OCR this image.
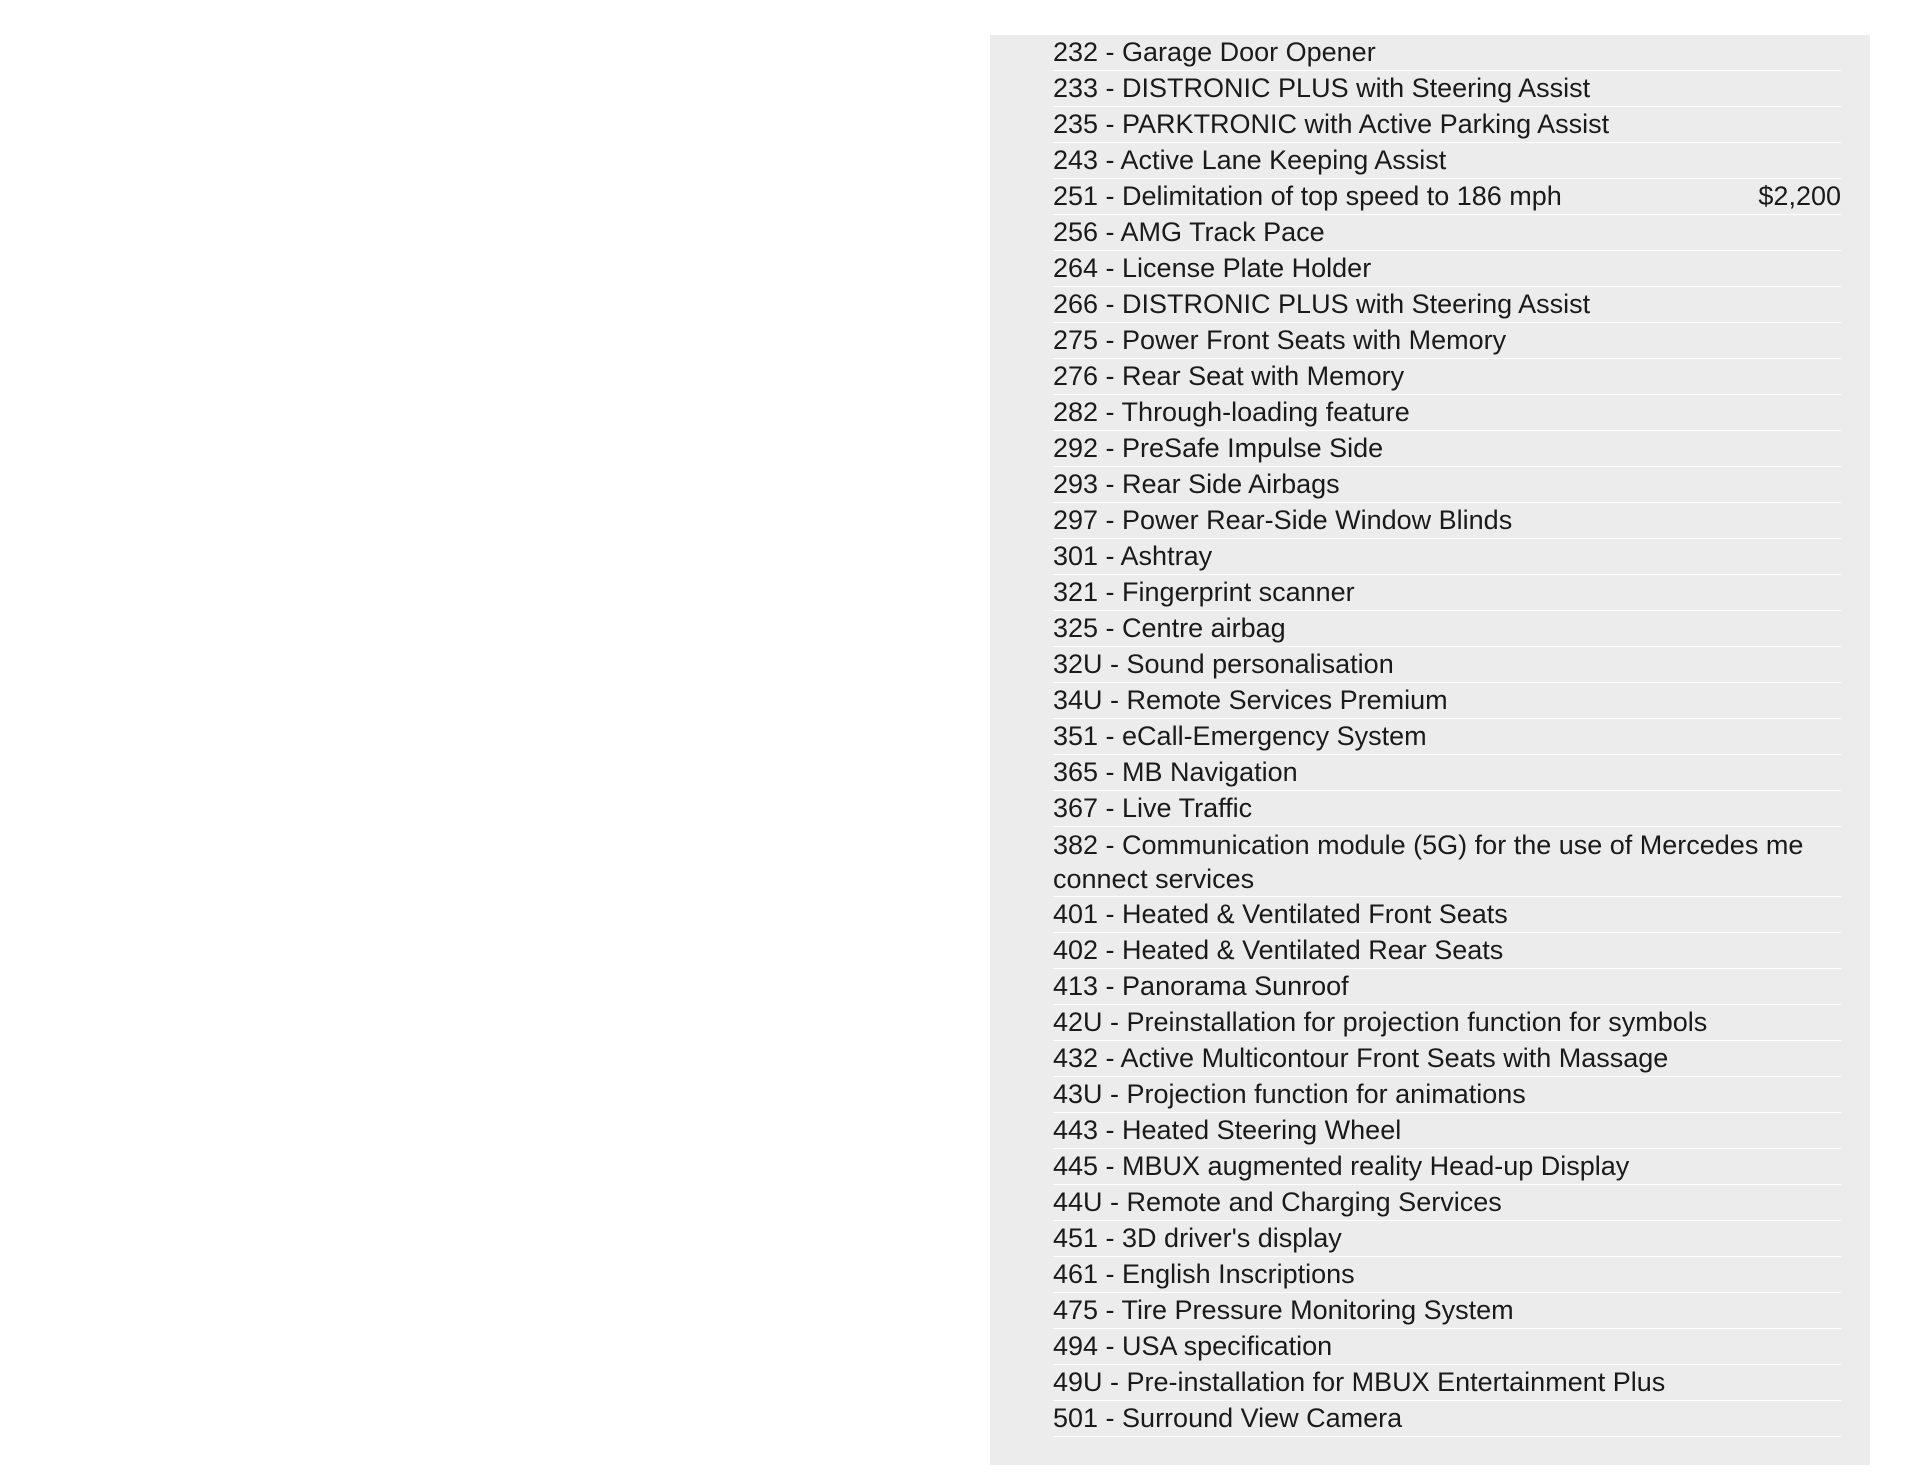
232 - Garage Door Opener
233 - DISTRONIC PLUS with Steering Assist
235 - PARKTRONIC with Active Parking Assist
243 - Active Lane Keeping Assist
251 - Delimitation of top speed to 186 mph	$2,200
256 - AMG Track Pace
264 - License Plate Holder
266 - DISTRONIC PLUS with Steering Assist
275 - Power Front Seats with Memory
276 - Rear Seat with Memory
282 - Through-loading feature
292 - PreSafe Impulse Side
293 - Rear Side Airbags
297 - Power Rear-Side Window Blinds
301 - Ashtray
321 - Fingerprint scanner
325 - Centre airbag
32U - Sound personalisation
34U - Remote Services Premium
351 - eCall-Emergency System
365 - MB Navigation
367 - Live Traffic
382 - Communication module (5G) for the use of Mercedes me connect services
401 - Heated & Ventilated Front Seats
402 - Heated & Ventilated Rear Seats
413 - Panorama Sunroof
42U - Preinstallation for projection function for symbols
432 - Active Multicontour Front Seats with Massage
43U - Projection function for animations
443 - Heated Steering Wheel
445 - MBUX augmented reality Head-up Display
44U - Remote and Charging Services
451 - 3D driver's display
461 - English Inscriptions
475 - Tire Pressure Monitoring System
494 - USA specification
49U - Pre-installation for MBUX Entertainment Plus
501 - Surround View Camera
